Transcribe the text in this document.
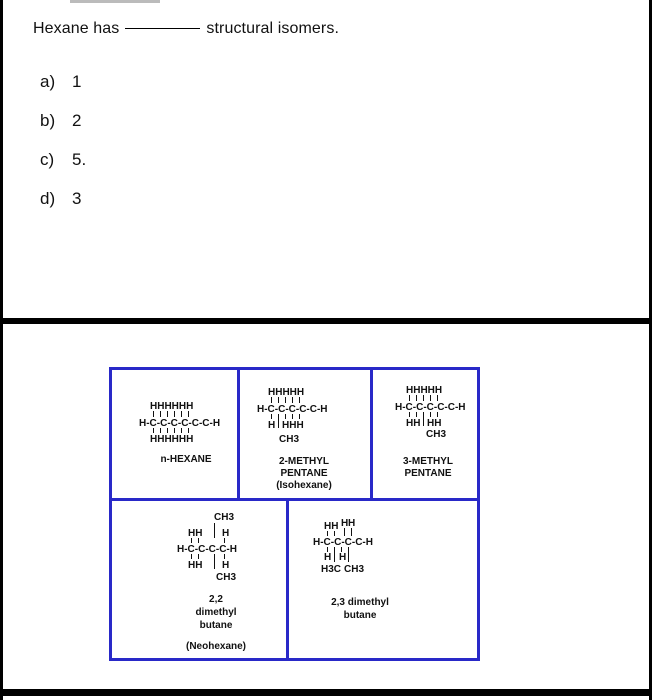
Hexane has	structural isomers.
a) 1
b) 2
c) 5.
d) 3
HHHHHH
H-C-C-C-C-C-C-H
HHHHHH
n-HEXANE
HHHHH
H-C-C-C-C-C-H
H HHH
CH3
2-METHYL
PENTANE
(Isohexane)
HHHHH
H-C-C-C-C-C-H
HH HH
CH3
3-METHYL
PENTANE
CH3
HH H
H-C-C-C-C-H
HH H
CH3
2,2
dimethyl
butane
(Neohexane)
HH H H
H-C-C-C-C-H
H H
H3C CH3
2,3 dimethyl
butane
